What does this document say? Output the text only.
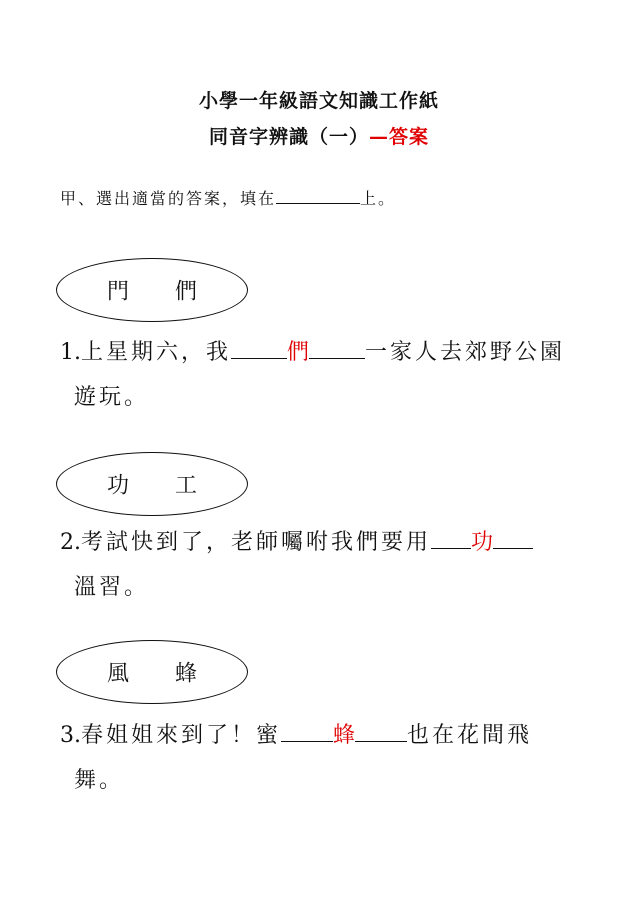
小學一年級語文知識工作紙
同音字辨識（一）—答案
甲、選出適當的答案，填在	上。
門 們
1.上星期六，我	們	一家人去郊野公園
遊玩。
功 工
2.考試快到了，老師囑咐我們要用 功
溫習。
風 蜂
3.春姐姐來到了！蜜 蜂 也在花間飛
舞。
